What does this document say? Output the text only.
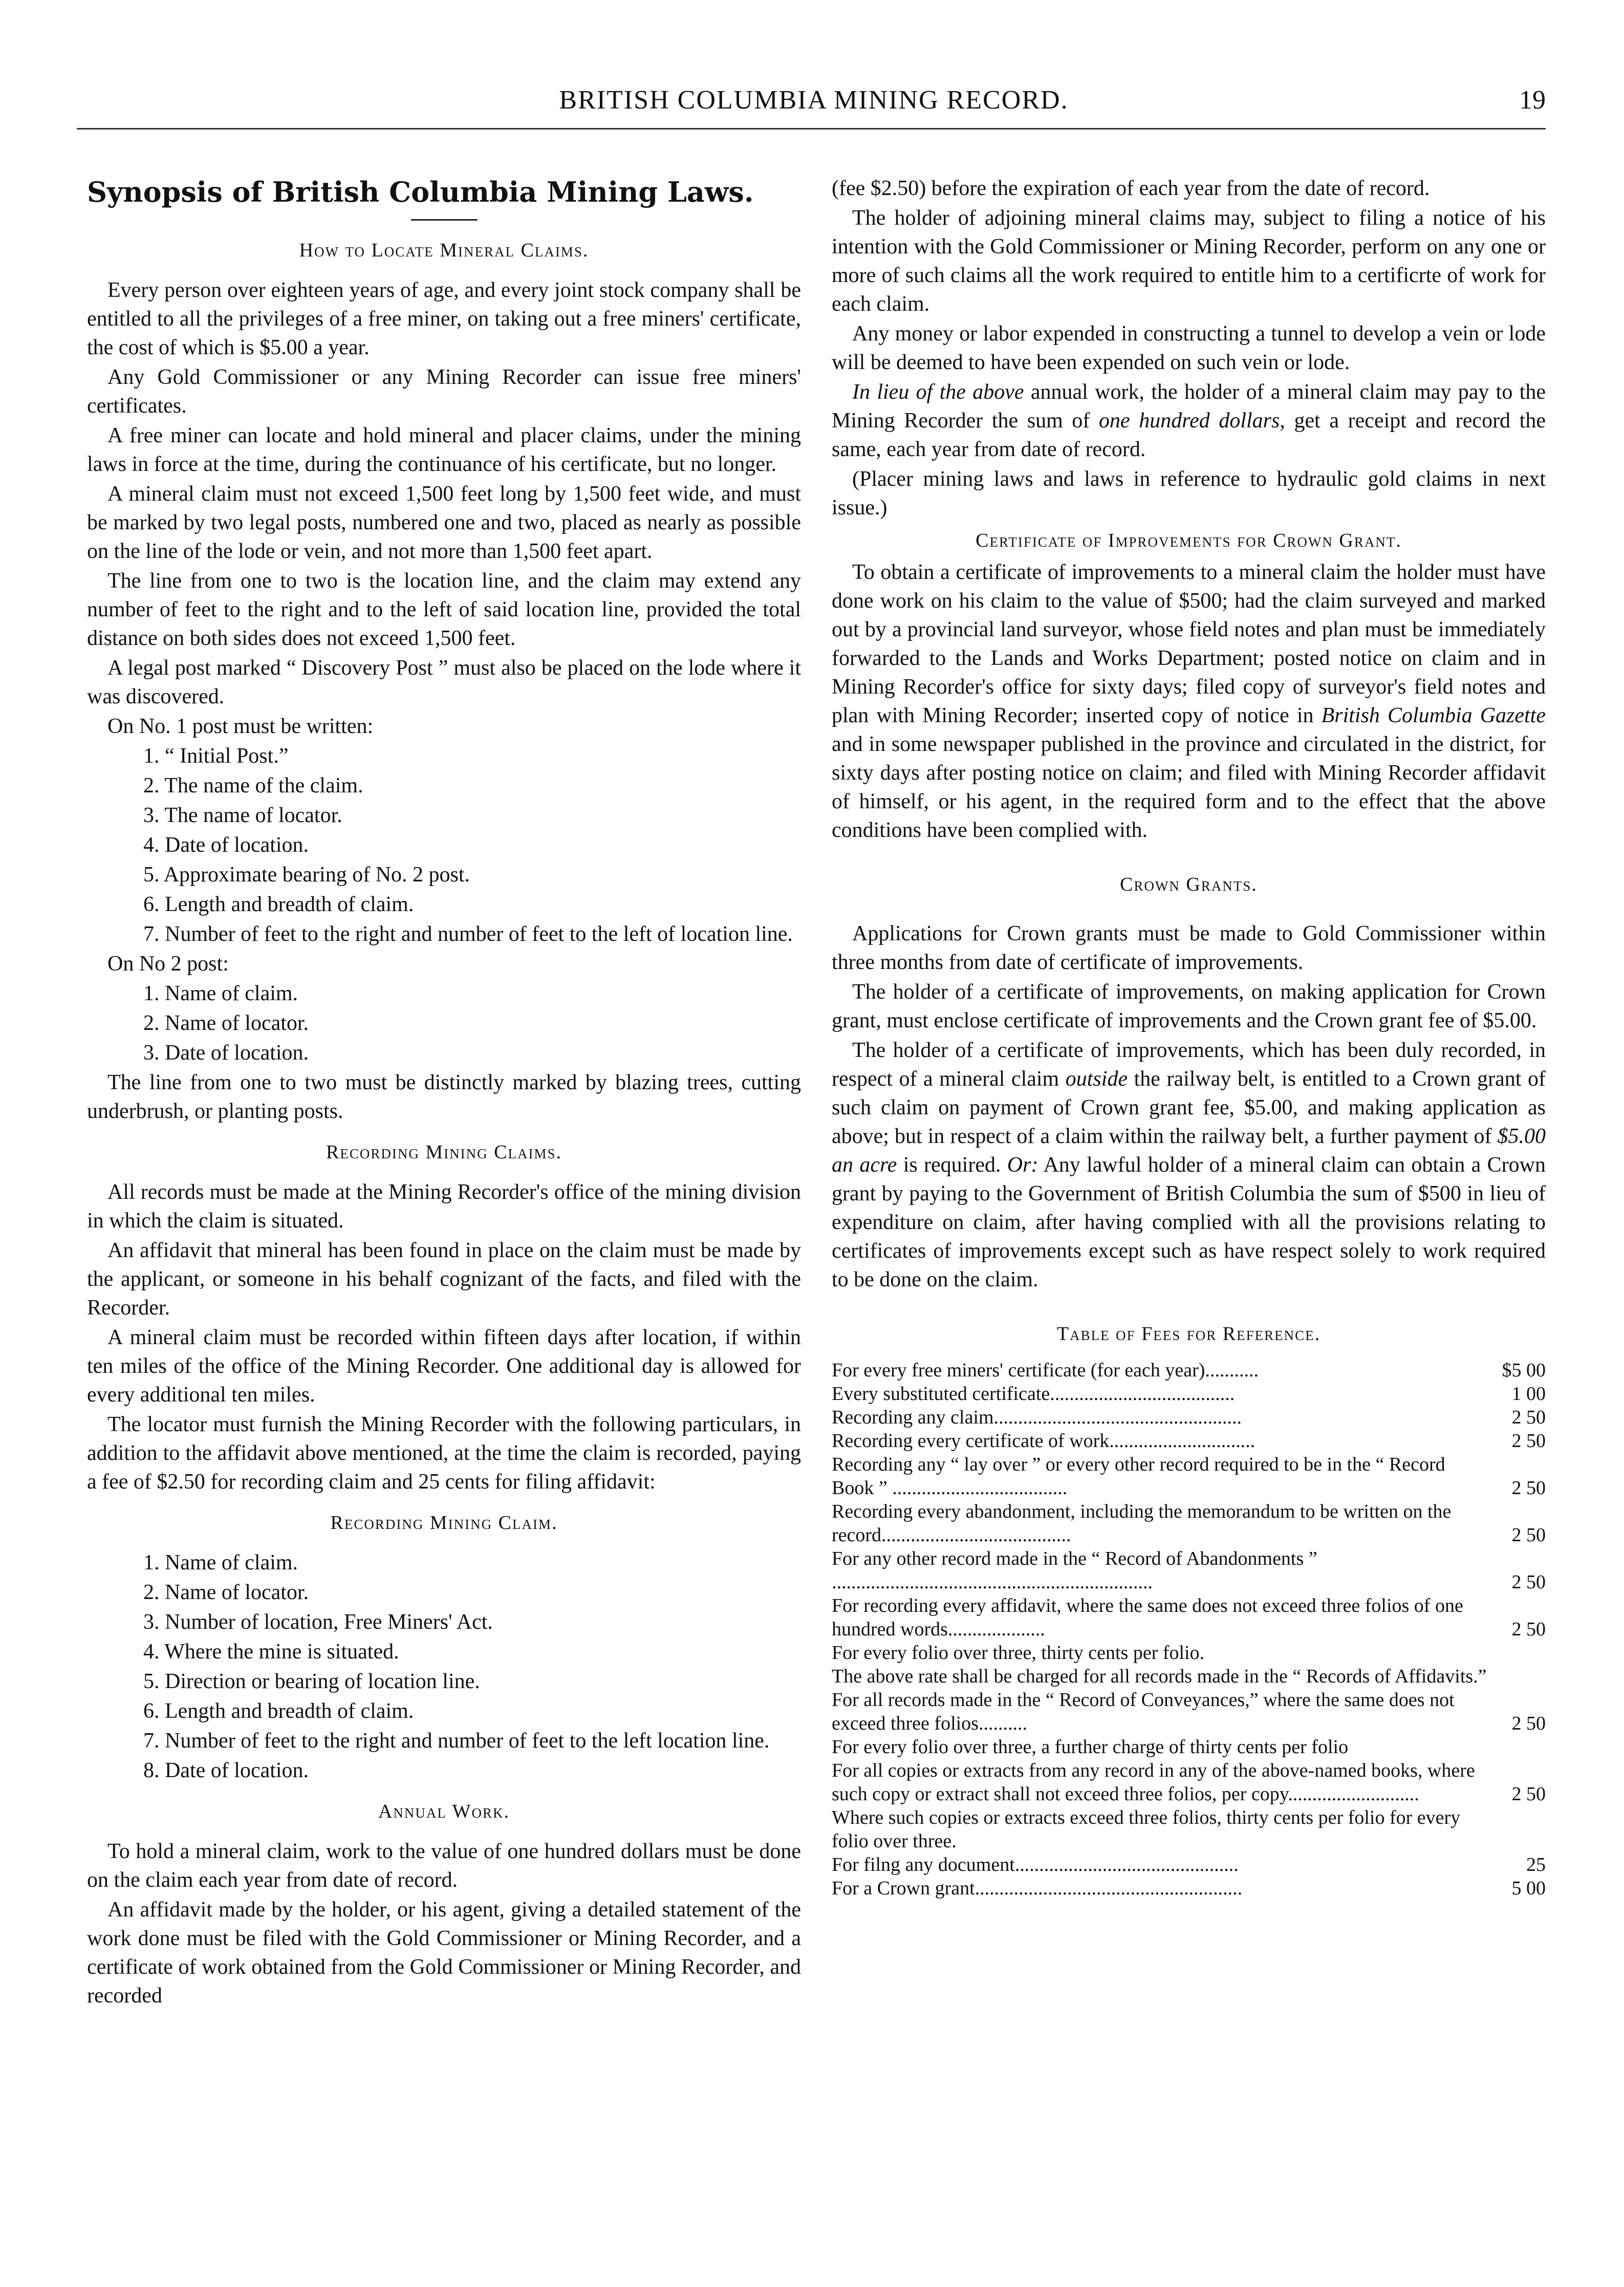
BRITISH COLUMBIA MINING RECORD.	19
Synopsis of British Columbia Mining Laws.
How to Locate Mineral Claims.

Every person over eighteen years of age, and every joint stock company shall be entitled to all the privileges of a free miner, on taking out a free miners' certificate, the cost of which is $5.00 a year.

Any Gold Commissioner or any Mining Recorder can issue free miners' certificates.

A free miner can locate and hold mineral and placer claims, under the mining laws in force at the time, during the continuance of his certificate, but no longer.

A mineral claim must not exceed 1,500 feet long by 1,500 feet wide, and must be marked by two legal posts, numbered one and two, placed as nearly as possible on the line of the lode or vein, and not more than 1,500 feet apart.

The line from one to two is the location line, and the claim may extend any number of feet to the right and to the left of said location line, provided the total distance on both sides does not exceed 1,500 feet.

A legal post marked “ Discovery Post ” must also be placed on the lode where it was discovered.

On No. 1 post must be written:

1. “ Initial Post.”

2. The name of the claim.

3. The name of locator.

4. Date of location.

5. Approximate bearing of No. 2 post.

6. Length and breadth of claim.

7. Number of feet to the right and number of feet to the left of location line.

On No 2 post:

1. Name of claim.

2. Name of locator.

3. Date of location.

The line from one to two must be distinctly marked by blazing trees, cutting underbrush, or planting posts.

Recording Mining Claims.

All records must be made at the Mining Recorder's office of the mining division in which the claim is situated.

An affidavit that mineral has been found in place on the claim must be made by the applicant, or someone in his behalf cognizant of the facts, and filed with the Recorder.

A mineral claim must be recorded within fifteen days after location, if within ten miles of the office of the Mining Recorder. One additional day is allowed for every additional ten miles.

The locator must furnish the Mining Recorder with the following particulars, in addition to the affidavit above mentioned, at the time the claim is recorded, paying a fee of $2.50 for recording claim and 25 cents for filing affidavit:

Recording Mining Claim.

1. Name of claim.

2. Name of locator.

3. Number of location, Free Miners' Act.

4. Where the mine is situated.

5. Direction or bearing of location line.

6. Length and breadth of claim.

7. Number of feet to the right and number of feet to the left location line.

8. Date of location.

Annual Work.

To hold a mineral claim, work to the value of one hundred dollars must be done on the claim each year from date of record.

An affidavit made by the holder, or his agent, giving a detailed statement of the work done must be filed with the Gold Commissioner or Mining Recorder, and a certificate of work obtained from the Gold Commissioner or Mining Recorder, and recorded

(fee $2.50) before the expiration of each year from the date of record.

The holder of adjoining mineral claims may, subject to filing a notice of his intention with the Gold Commissioner or Mining Recorder, perform on any one or more of such claims all the work required to entitle him to a certificrte of work for each claim.

Any money or labor expended in constructing a tunnel to develop a vein or lode will be deemed to have been expended on such vein or lode.

In lieu of the above annual work, the holder of a mineral claim may pay to the Mining Recorder the sum of one hundred dollars, get a receipt and record the same, each year from date of record.

(Placer mining laws and laws in reference to hydraulic gold claims in next issue.)

Certificate of Improvements for Crown Grant.

To obtain a certificate of improvements to a mineral claim the holder must have done work on his claim to the value of $500; had the claim surveyed and marked out by a provincial land surveyor, whose field notes and plan must be immediately forwarded to the Lands and Works Department; posted notice on claim and in Mining Recorder's office for sixty days; filed copy of surveyor's field notes and plan with Mining Recorder; inserted copy of notice in British Columbia Gazette and in some newspaper published in the province and circulated in the district, for sixty days after posting notice on claim; and filed with Mining Recorder affidavit of himself, or his agent, in the required form and to the effect that the above conditions have been complied with.

Crown Grants.

Applications for Crown grants must be made to Gold Commissioner within three months from date of certificate of improvements.

The holder of a certificate of improvements, on making application for Crown grant, must enclose certificate of improvements and the Crown grant fee of $5.00.

The holder of a certificate of improvements, which has been duly recorded, in respect of a mineral claim outside the railway belt, is entitled to a Crown grant of such claim on payment of Crown grant fee, $5.00, and making application as above; but in respect of a claim within the railway belt, a further payment of $5.00 an acre is required. Or: Any lawful holder of a mineral claim can obtain a Crown grant by paying to the Government of British Columbia the sum of $500 in lieu of expenditure on claim, after having complied with all the provisions relating to certificates of improvements except such as have respect solely to work required to be done on the claim.

Table of Fees for Reference.
For every free miners' certificate (for each year)...........	$5 00
Every substituted certificate......................................	1 00
Recording any claim...................................................	2 50
Recording every certificate of work..............................	2 50
Recording any “ lay over ” or every other record required to be in the “ Record Book ” ....................................	2 50
Recording every abandonment, including the memorandum to be written on the record.......................................	2 50
For any other record made in the “ Record of Abandonments ” ..................................................................	2 50
For recording every affidavit, where the same does not exceed three folios of one hundred words....................	2 50
For every folio over three, thirty cents per folio.	
The above rate shall be charged for all records made in the “ Records of Affidavits.”	
For all records made in the “ Record of Conveyances,” where the same does not exceed three folios..........	2 50
For every folio over three, a further charge of thirty cents per folio	
For all copies or extracts from any record in any of the above-named books, where such copy or extract shall not exceed three folios, per copy...........................	2 50
Where such copies or extracts exceed three folios, thirty cents per folio for every folio over three.	
For filng any document..............................................	25
For a Crown grant.......................................................	5 00
